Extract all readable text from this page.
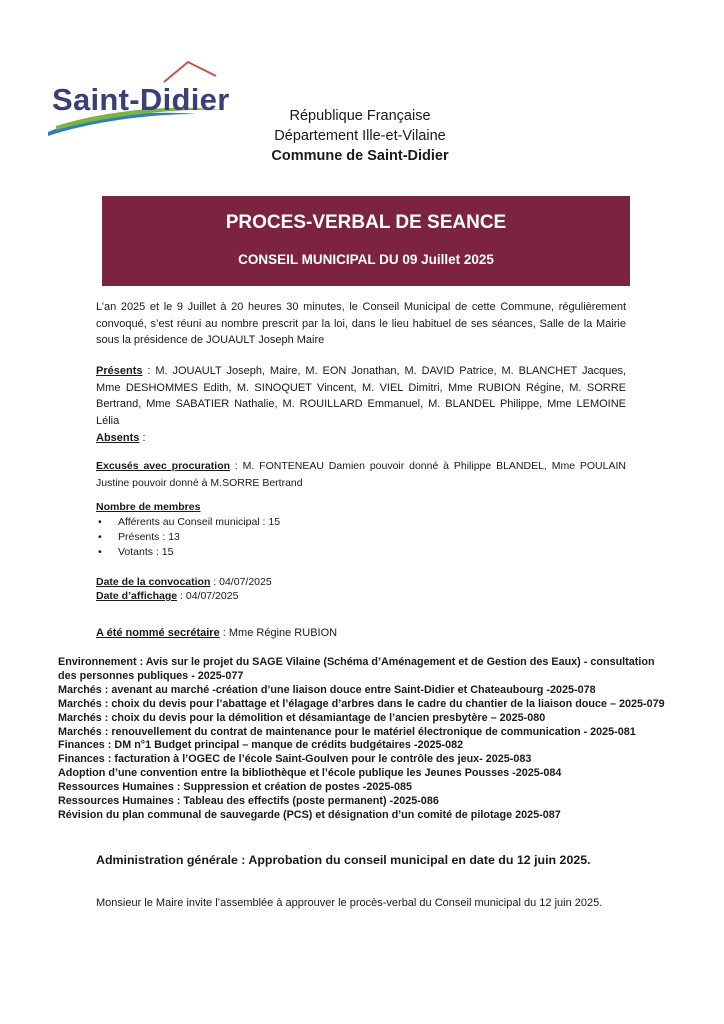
Saint-Didier	République Française
Département Ille-et-Vilaine
Commune de Saint-Didier
PROCES-VERBAL DE SEANCE
CONSEIL MUNICIPAL DU 09 Juillet 2025
L’an 2025 et le 9 Juillet à 20 heures 30 minutes, le Conseil Municipal de cette Commune, régulièrement convoqué, s’est réuni au nombre prescrit par la loi, dans le lieu habituel de ses séances, Salle de la Mairie sous la présidence de JOUAULT Joseph Maire
Présents : M. JOUAULT Joseph, Maire, M. EON Jonathan, M. DAVID Patrice, M. BLANCHET Jacques, Mme DESHOMMES Edith, M. SINOQUET Vincent, M. VIEL Dimitri, Mme RUBION Régine, M. SORRE Bertrand, Mme SABATIER Nathalie, M. ROUILLARD Emmanuel, M. BLANDEL Philippe, Mme LEMOINE Lélia
Absents :
Excusés avec procuration : M. FONTENEAU Damien pouvoir donné à Philippe BLANDEL, Mme POULAIN Justine pouvoir donné à M.SORRE Bertrand
Nombre de membres
• Afférents au Conseil municipal : 15
• Présents : 13
• Votants : 15
Date de la convocation : 04/07/2025
Date d’affichage : 04/07/2025
A été nommé secrétaire : Mme Régine RUBION
Environnement : Avis sur le projet du SAGE Vilaine (Schéma d’Aménagement et de Gestion des Eaux) - consultation des personnes publiques - 2025-077
Marchés : avenant au marché -création d’une liaison douce entre Saint-Didier et Chateaubourg -2025-078
Marchés : choix du devis pour l’abattage et l’élagage d’arbres dans le cadre du chantier de la liaison douce – 2025-079
Marchés : choix du devis pour la démolition et désamiantage de l’ancien presbytère – 2025-080
Marchés : renouvellement du contrat de maintenance pour le matériel électronique de communication - 2025-081
Finances : DM n°1 Budget principal – manque de crédits budgétaires -2025-082
Finances : facturation à l’OGEC de l’école Saint-Goulven pour le contrôle des jeux- 2025-083
Adoption d’une convention entre la bibliothèque et l’école publique les Jeunes Pousses -2025-084
Ressources Humaines : Suppression et création de postes -2025-085
Ressources Humaines : Tableau des effectifs (poste permanent) -2025-086
Révision du plan communal de sauvegarde (PCS) et désignation d’un comité de pilotage 2025-087
Administration générale : Approbation du conseil municipal en date du 12 juin 2025.
Monsieur le Maire invite l’assemblée à approuver le procès-verbal du Conseil municipal du 12 juin 2025.
